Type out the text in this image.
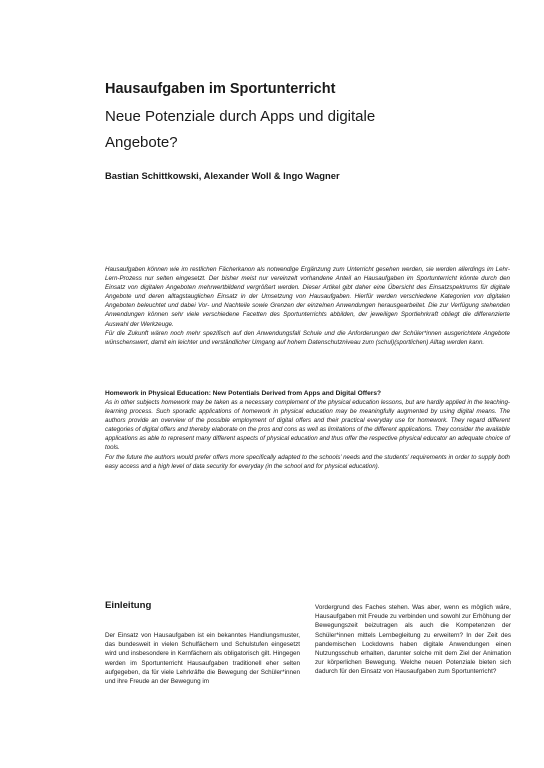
Hausaufgaben im Sportunterricht
Neue Potenziale durch Apps und digitale Angebote?
Bastian Schittkowski, Alexander Woll & Ingo Wagner

Hausaufgaben können wie im restlichen Fächerkanon als notwendige Ergänzung zum Unterricht gesehen werden, sie werden allerdings im Lehr-Lern-Prozess nur selten eingesetzt. Der bisher meist nur vereinzelt vorhandene Anteil an Hausaufgaben im Sportunterricht könnte durch den Einsatz von digitalen Angeboten mehrwertbildend vergrößert werden. Dieser Artikel gibt daher eine Übersicht des Einsatzspektrums für digitale Angebote und deren alltagstauglichen Einsatz in der Umsetzung von Hausaufgaben. Hierfür werden verschiedene Kategorien von digitalen Angeboten beleuchtet und dabei Vor- und Nachteile sowie Grenzen der einzelnen Anwendungen herausgearbeitet. Die zur Verfügung stehenden Anwendungen können sehr viele verschiedene Facetten des Sportunterrichts abbilden, der jeweiligen Sportlehrkraft obliegt die differenzierte Auswahl der Werkzeuge.

Für die Zukunft wären noch mehr spezifisch auf den Anwendungsfall Schule und die Anforderungen der Schüler*innen ausgerichtete Angebote wünschenswert, damit ein leichter und verständlicher Umgang auf hohem Datenschutzniveau zum (schul)(sportlichen) Alltag werden kann.

Homework in Physical Education: New Potentials Derived from Apps and Digital Offers?

As in other subjects homework may be taken as a necessary complement of the physical education lessons, but are hardly applied in the teaching-learning process. Such sporadic applications of homework in physical education may be meaningfully augmented by using digital means. The authors provide an overview of the possible employment of digital offers and their practical everyday use for homework. They regard different categories of digital offers and thereby elaborate on the pros and cons as well as limitations of the different applications. They consider the available applications as able to represent many different aspects of physical education and thus offer the respective physical educator an adequate choice of tools.

For the future the authors would prefer offers more specifically adapted to the schools’ needs and the students’ requirements in order to supply both easy access and a high level of data security for everyday (in the school and for physical education).

Einleitung

Der Einsatz von Hausaufgaben ist ein bekanntes Handlungsmuster, das bundesweit in vielen Schulfächern und Schulstufen eingesetzt wird und insbesondere in Kernfächern als obligatorisch gilt. Hingegen werden im Sportunterricht Hausaufgaben traditionell eher selten aufgegeben, da für viele Lehrkräfte die Bewegung der Schüler*innen und ihre Freude an der Bewegung im

Vordergrund des Faches stehen. Was aber, wenn es möglich wäre, Hausaufgaben mit Freude zu verbinden und sowohl zur Erhöhung der Bewegungszeit beizutragen als auch die Kompetenzen der Schüler*innen mittels Lernbegleitung zu erweitern? In der Zeit des pandemischen Lockdowns haben digitale Anwendungen einen Nutzungsschub erhalten, darunter solche mit dem Ziel der Animation zur körperlichen Bewegung. Welche neuen Potenziale bieten sich dadurch für den Einsatz von Hausaufgaben zum Sportunterricht?
